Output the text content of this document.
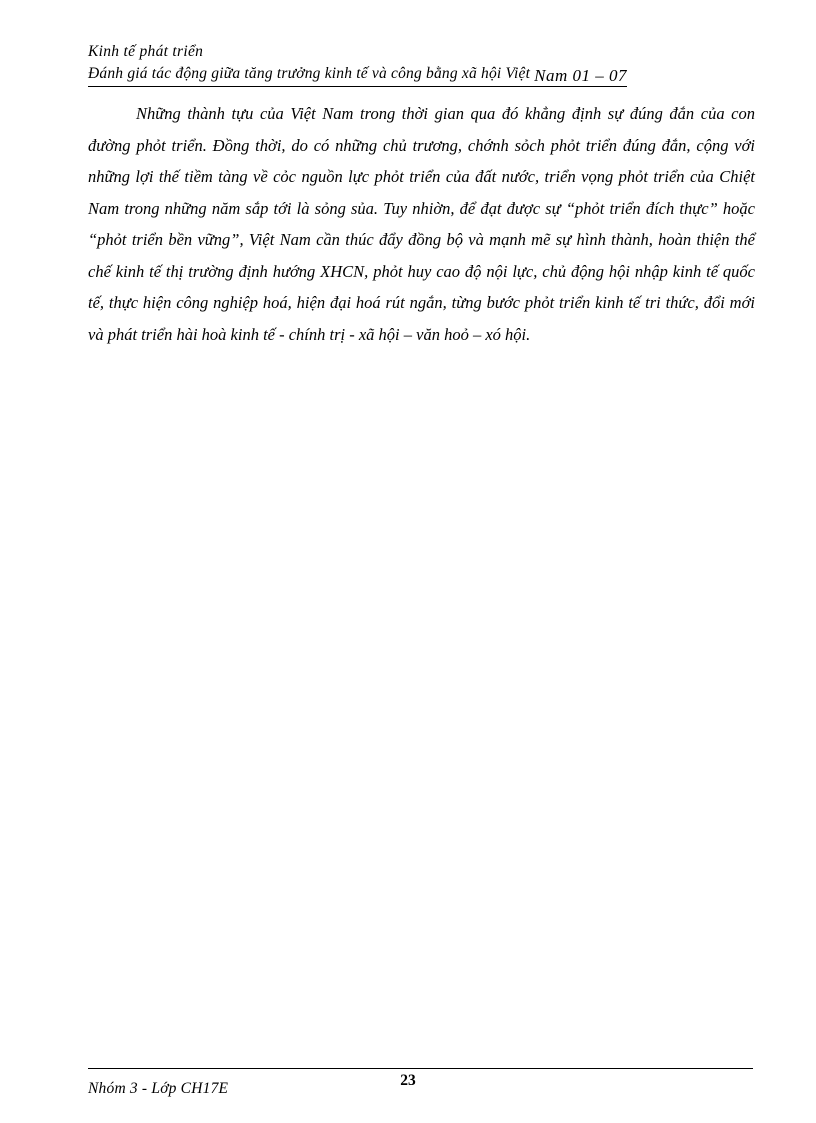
Kinh tế phát triển
Đánh giá tác động giữa tăng trưởng kinh tế và công bằng xã hội Việt Nam 01 – 07
Những thành tựu của Việt Nam trong thời gian qua đó khẳng định sự đúng đắn của con đường phỏt triển. Đồng thời, do có những chủ trương, chớnh sỏch phỏt triển đúng đắn, cộng với những lợi thế tiềm tàng về cỏc nguồn lực phỏt triển của đất nước, triển vọng phỏt triển của Chiệt Nam trong những năm sắp tới là sỏng sủa. Tuy nhiờn, để đạt được sự “phỏt triển đích thực” hoặc “phỏt triển bền vững”, Việt Nam cần thúc đẩy đồng bộ và mạnh mẽ sự hình thành, hoàn thiện thể chế kinh tế thị trường định hướng XHCN, phỏt huy cao độ nội lực, chủ động hội nhập kinh tế quốc tế, thực hiện công nghiệp hoá, hiện đại hoá rút ngắn, từng bước phỏt triển kinh tế tri thức, đổi mới và phát triển hài hoà kinh tế - chính trị - xã hội – văn hoỏ – xó hội.
Nhóm 3 - Lớp CH17E	23
